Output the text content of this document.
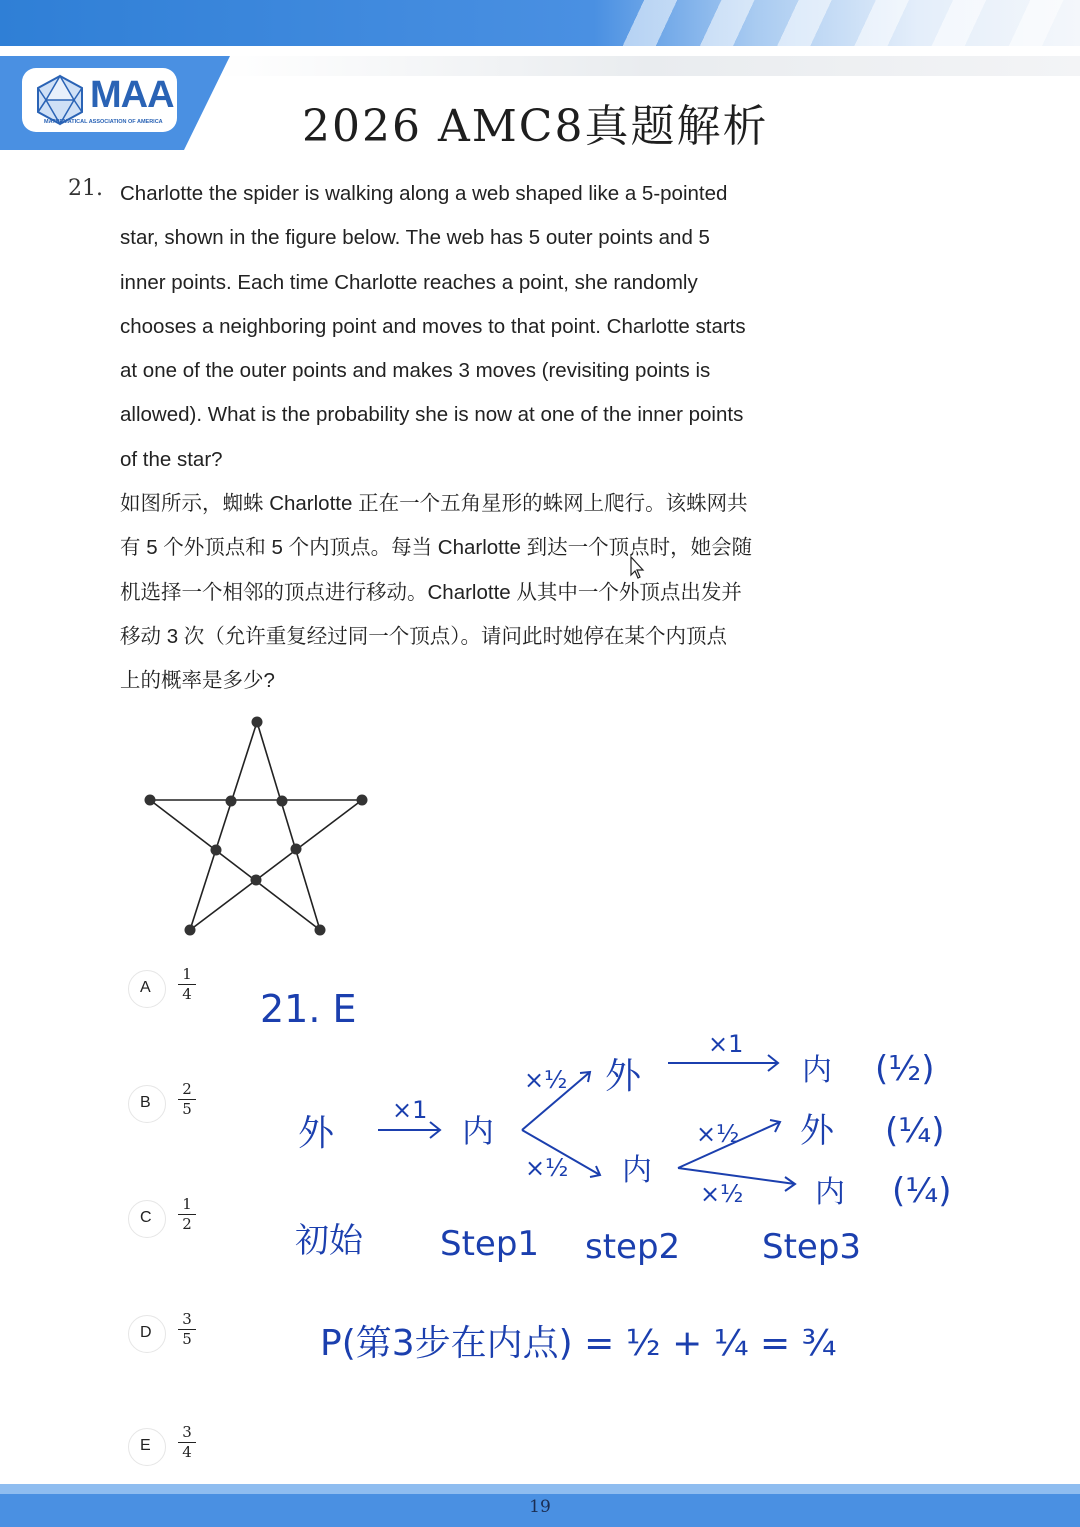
MAA
MATHEMATICAL ASSOCIATION OF AMERICA	2026 AMC8真题解析
21. Charlotte the spider is walking along a web shaped like a 5-pointed
star, shown in the figure below. The web has 5 outer points and 5
inner points. Each time Charlotte reaches a point, she randomly
chooses a neighboring point and moves to that point. Charlotte starts
at one of the outer points and makes 3 moves (revisiting points is
allowed). What is the probability she is now at one of the inner points
of the star?
如图所示，蜘蛛 Charlotte 正在一个五角星形的蛛网上爬行。该蛛网共
有 5 个外顶点和 5 个内顶点。每当 Charlotte 到达一个顶点时，她会随
机选择一个相邻的顶点进行移动。Charlotte 从其中一个外顶点出发并
移动 3 次（允许重复经过同一个顶点）。请问此时她停在某个内顶点
上的概率是多少?
A $\frac{1}{4}$
B $\frac{2}{5}$
C $\frac{1}{2}$
D $\frac{3}{5}$
E $\frac{3}{4}$
21. E
外
×1
内
×½
×½
外
×1
内 (½)
内
×½
×½
外 (¼)
内 (¼)
初始 Step1 step2 Step3
P(第3步在内点) = ½ + ¼ = ¾
19
